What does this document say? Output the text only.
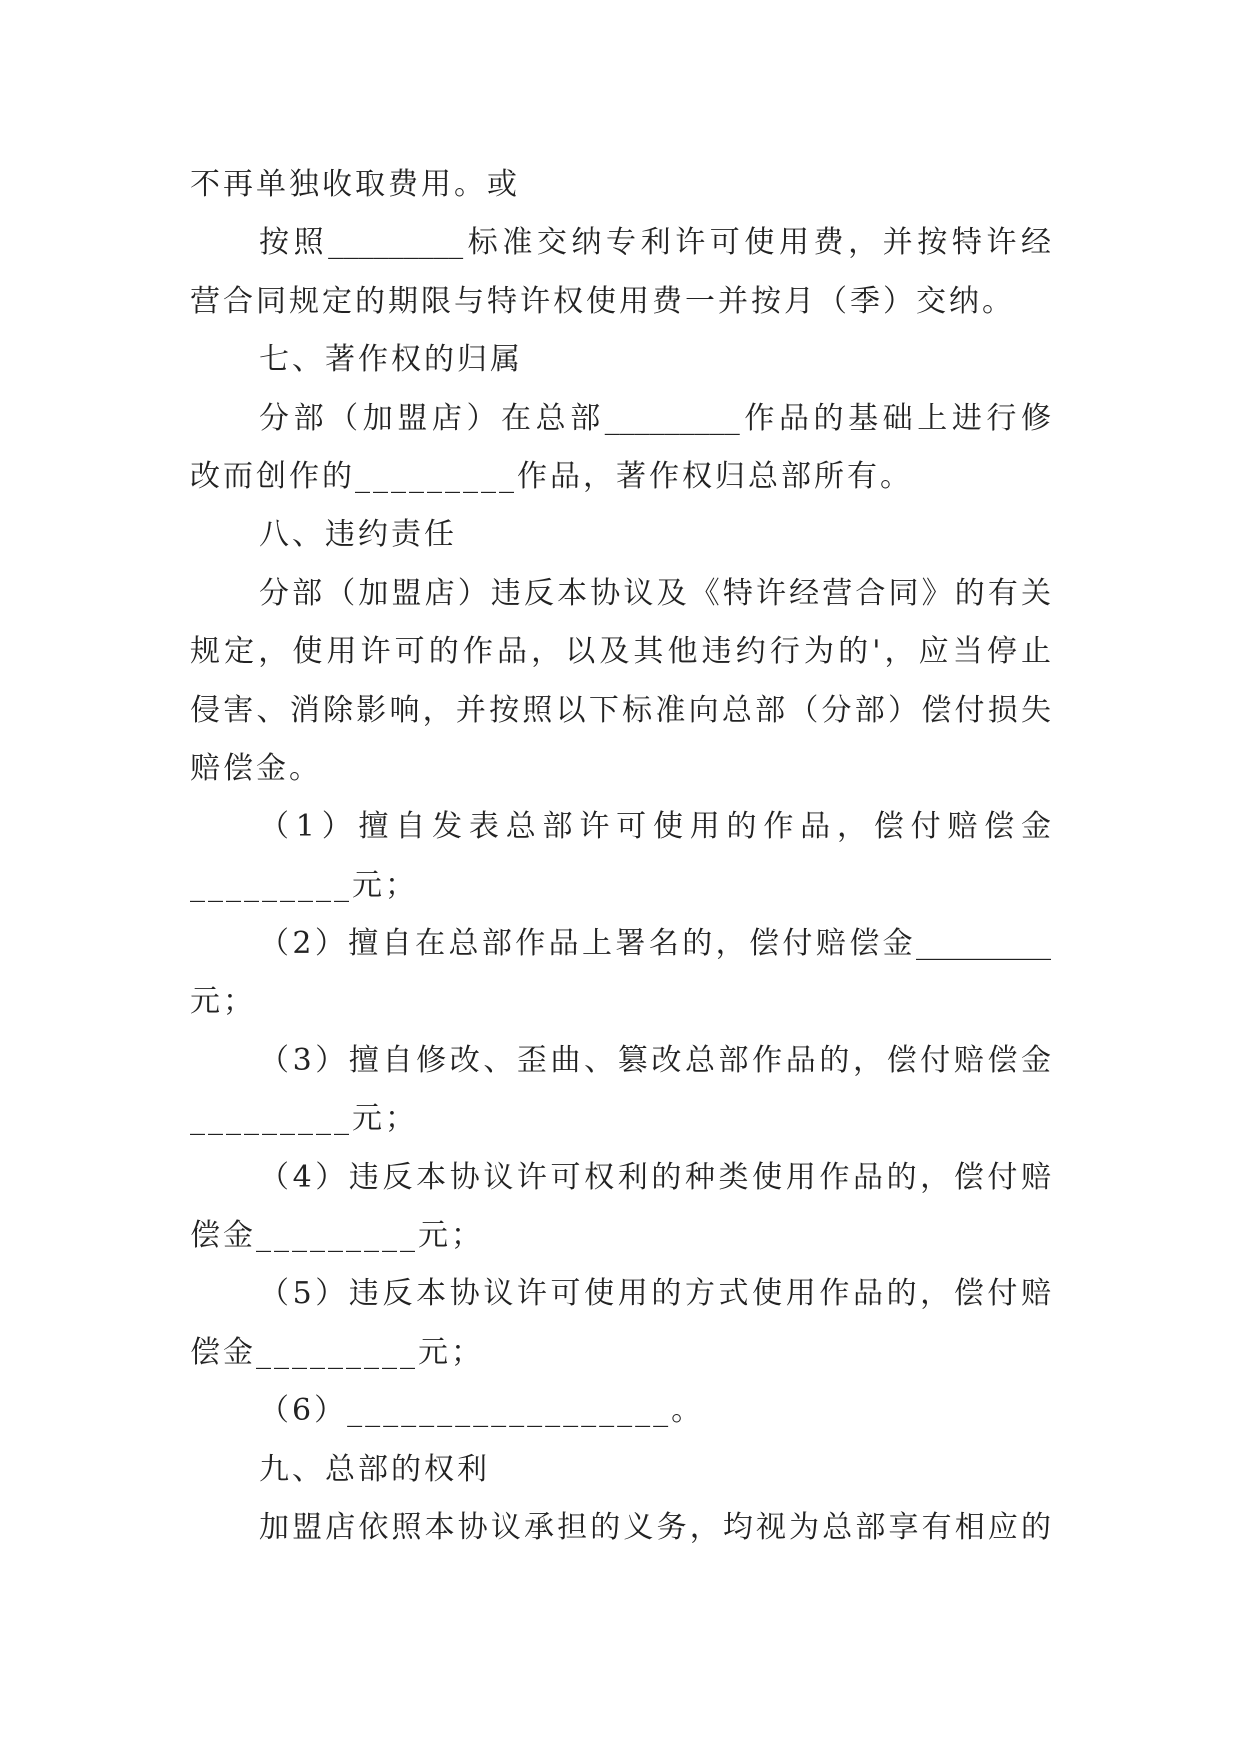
不再单独收取费用。或
按照_________标准交纳专利许可使用费，并按特许经
营合同规定的期限与特许权使用费一并按月（季）交纳。
七、著作权的归属
分部（加盟店）在总部_________作品的基础上进行修
改而创作的_________作品，著作权归总部所有。
八、违约责任
分部（加盟店）违反本协议及《特许经营合同》的有关
规定，使用许可的作品，以及其他违约行为的'，应当停止
侵害、消除影响，并按照以下标准向总部（分部）偿付损失
赔偿金。
（1）擅自发表总部许可使用的作品，偿付赔偿金
_________元；
（2）擅自在总部作品上署名的，偿付赔偿金_________
元；
（3）擅自修改、歪曲、篡改总部作品的，偿付赔偿金
_________元；
（4）违反本协议许可权利的种类使用作品的，偿付赔
偿金_________元；
（5）违反本协议许可使用的方式使用作品的，偿付赔
偿金_________元；
（6）__________________。
九、总部的权利
加盟店依照本协议承担的义务，均视为总部享有相应的
